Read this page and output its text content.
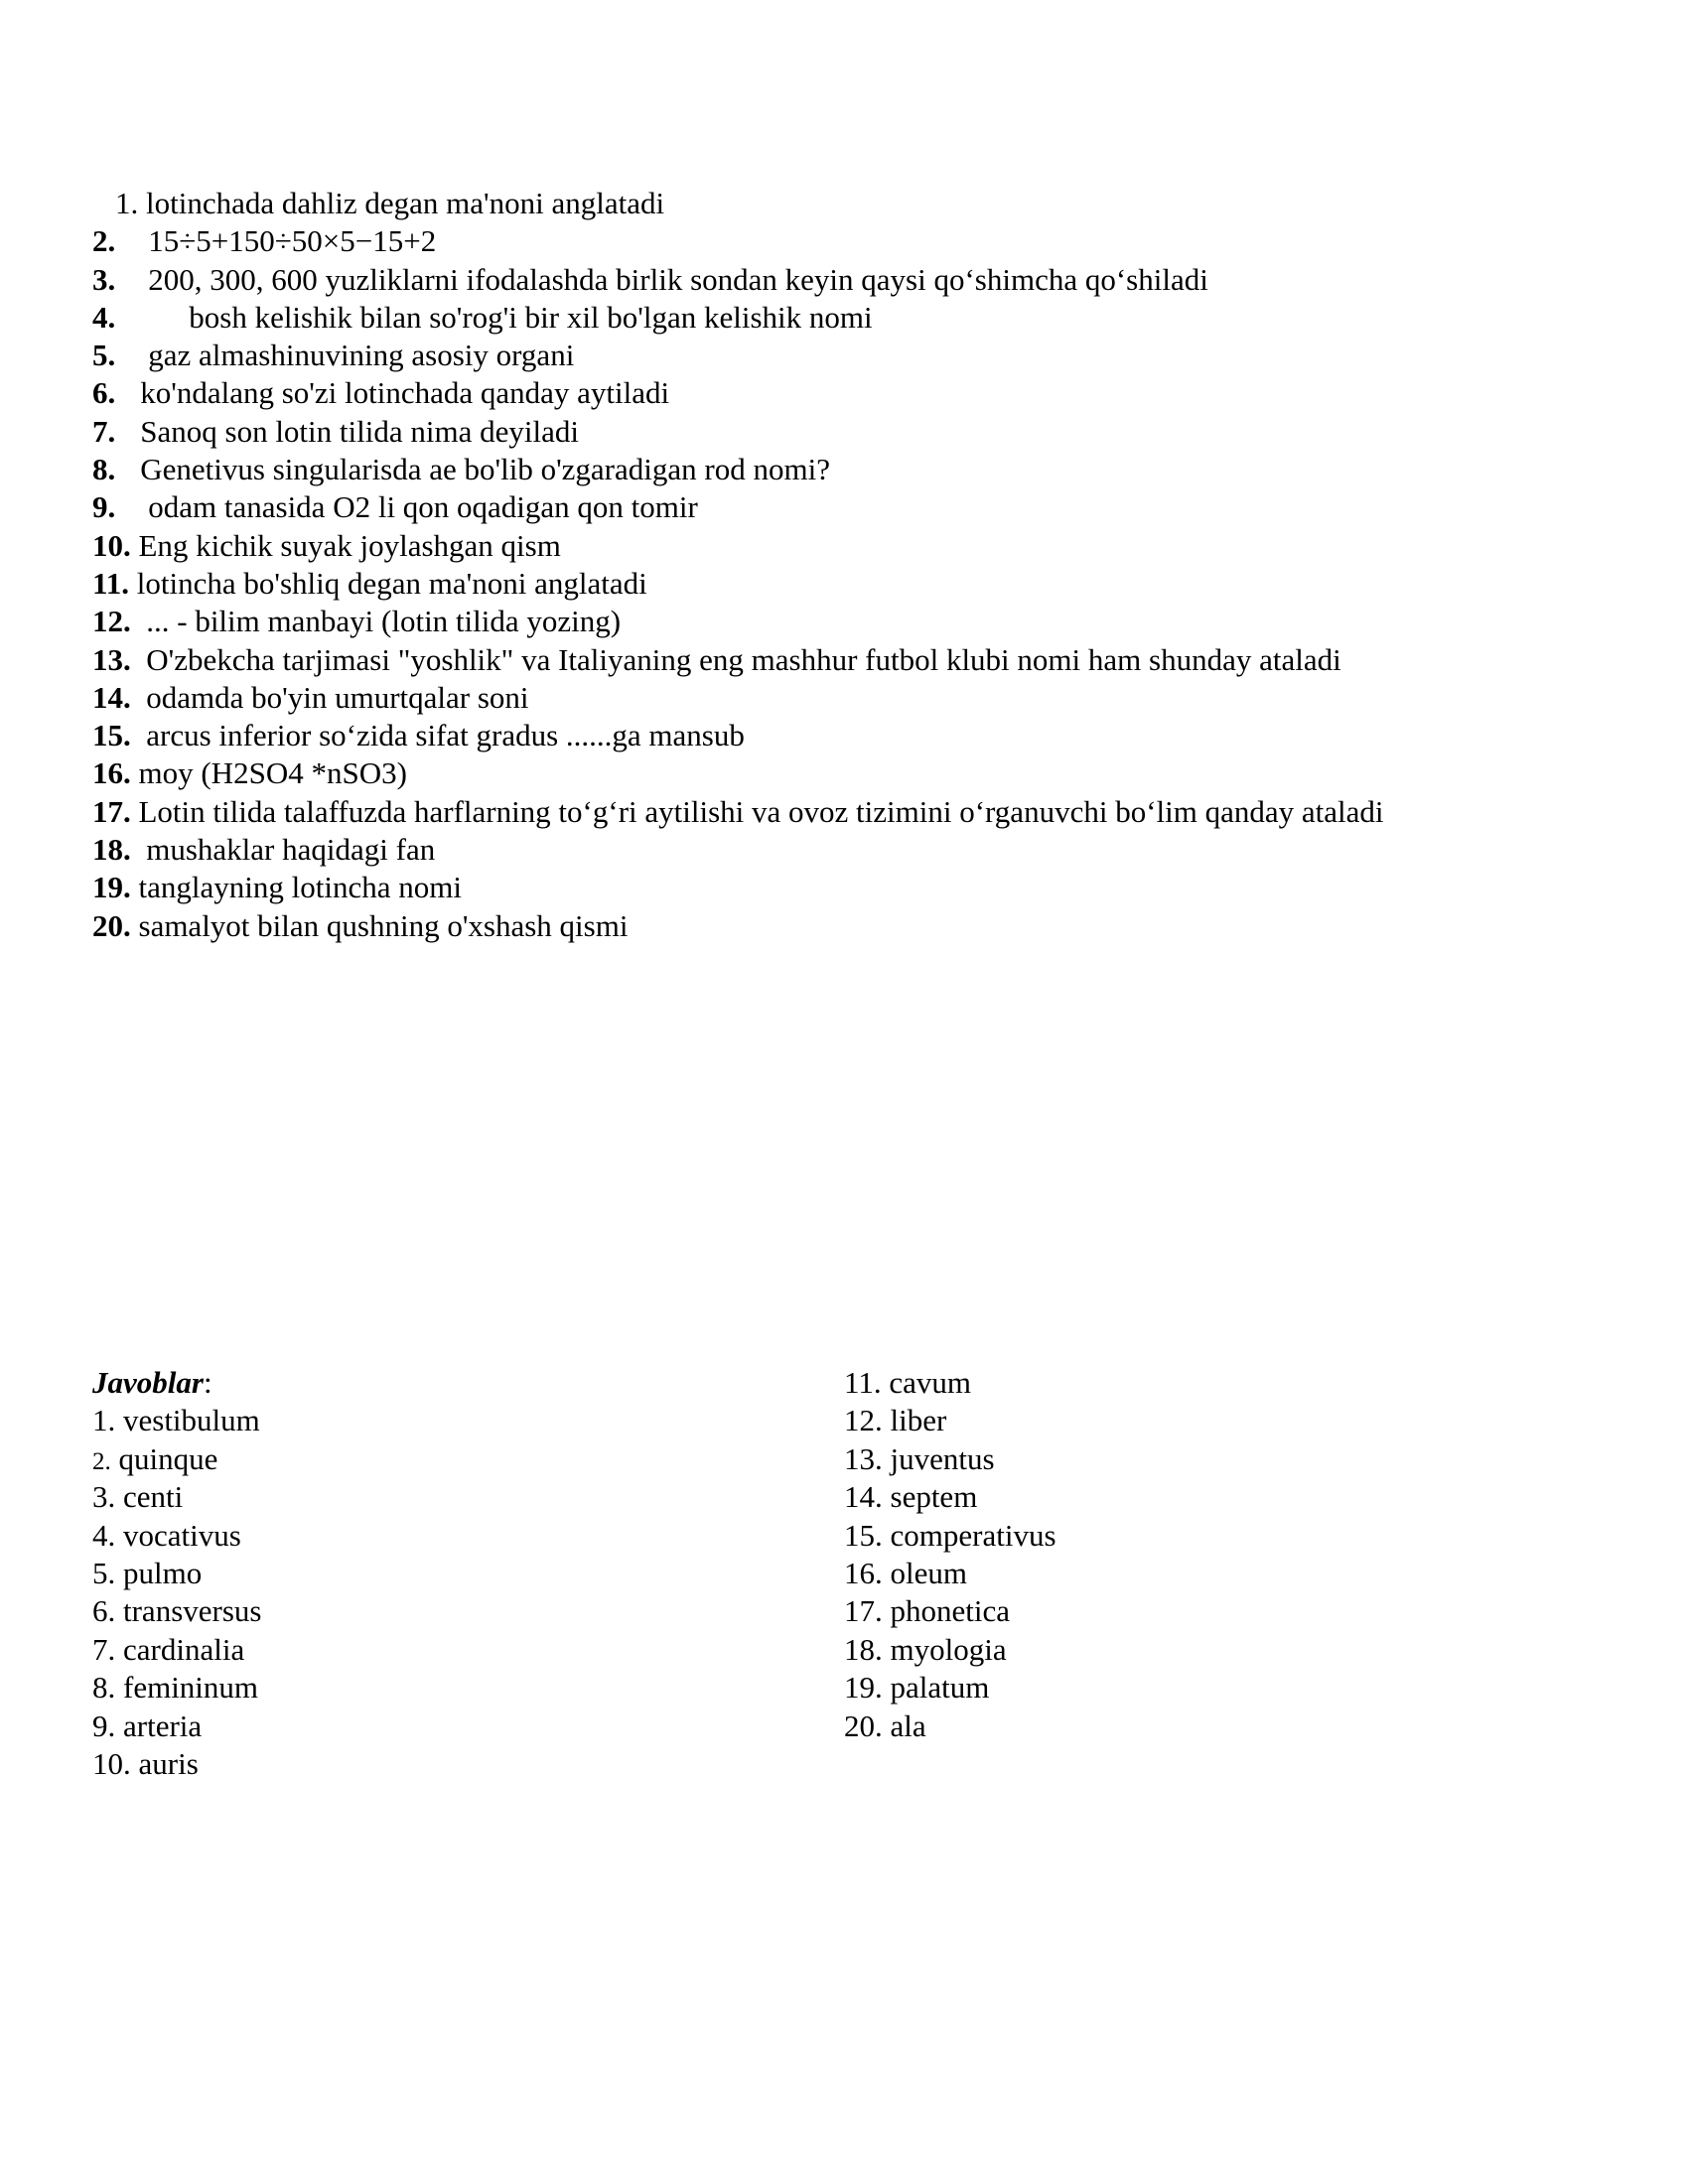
1. lotinchada dahliz degan ma'noni anglatadi
2. 15÷5+150÷50×5−15+2
3. 200, 300, 600 yuzliklarni ifodalashda birlik sondan keyin qaysi qoʻshimcha qoʻshiladi
4. bosh kelishik bilan so'rog'i bir xil bo'lgan kelishik nomi
5. gaz almashinuvining asosiy organi
6. ko'ndalang so'zi lotinchada qanday aytiladi
7. Sanoq son lotin tilida nima deyiladi
8. Genetivus singularisda ae bo'lib o'zgaradigan rod nomi?
9. odam tanasida O2 li qon oqadigan qon tomir
10. Eng kichik suyak joylashgan qism
11. lotincha bo'shliq degan ma'noni anglatadi
12. ... - bilim manbayi (lotin tilida yozing)
13. O'zbekcha tarjimasi "yoshlik" va Italiyaning eng mashhur futbol klubi nomi ham shunday ataladi
14. odamda bo'yin umurtqalar soni
15. arcus inferior soʻzida sifat gradus ......ga mansub
16. moy (H2SO4 *nSO3)
17. Lotin tilida talaffuzda harflarning toʻgʻri aytilishi va ovoz tizimini oʻrganuvchi boʻlim qanday ataladi
18. mushaklar haqidagi fan
19. tanglayning lotincha nomi
20. samalyot bilan qushning o'xshash qismi
Javoblar:
1. vestibulum
2. quinque
3. centi
4. vocativus
5. pulmo
6. transversus
7. cardinalia
8. femininum
9. arteria
10. auris
11. cavum
12. liber
13. juventus
14. septem
15. comperativus
16. oleum
17. phonetica
18. myologia
19. palatum
20. ala
